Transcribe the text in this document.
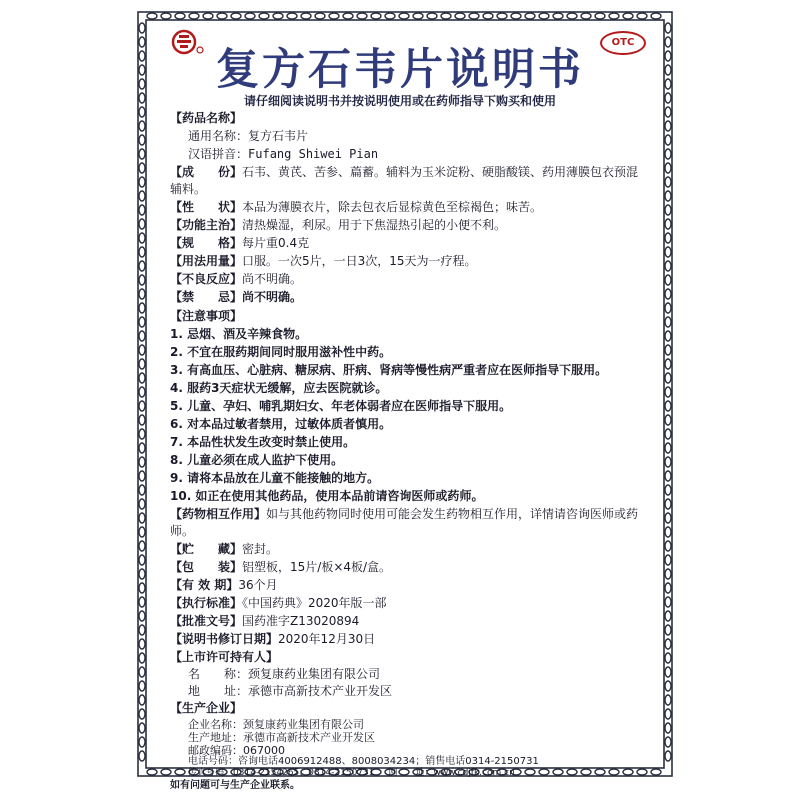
OTC
复方石韦片说明书
请仔细阅读说明书并按说明使用或在药师指导下购买和使用
【药品名称】
通用名称：复方石韦片
汉语拼音：Fufang Shiwei Pian
【成　　份】石韦、黄芪、苦参、萹蓄。辅料为玉米淀粉、硬脂酸镁、药用薄膜包衣预混辅料。
【性　　状】本品为薄膜衣片，除去包衣后显棕黄色至棕褐色；味苦。
【功能主治】清热燥湿，利尿。用于下焦湿热引起的小便不利。
【规　　格】每片重0.4克
【用法用量】口服。一次5片，一日3次，15天为一疗程。
【不良反应】尚不明确。
【禁　　忌】尚不明确。
【注意事项】
1. 忌烟、酒及辛辣食物。
2. 不宜在服药期间同时服用滋补性中药。
3. 有高血压、心脏病、糖尿病、肝病、肾病等慢性病严重者应在医师指导下服用。
4. 服药3天症状无缓解，应去医院就诊。
5. 儿童、孕妇、哺乳期妇女、年老体弱者应在医师指导下服用。
6. 对本品过敏者禁用，过敏体质者慎用。
7. 本品性状发生改变时禁止使用。
8. 儿童必须在成人监护下使用。
9. 请将本品放在儿童不能接触的地方。
10. 如正在使用其他药品，使用本品前请咨询医师或药师。
【药物相互作用】如与其他药物同时使用可能会发生药物相互作用，详情请咨询医师或药师。
【贮　　藏】密封。
【包　　装】铝塑板，15片/板×4板/盒。
【有 效 期】36个月
【执行标准】《中国药典》2020年版一部
【批准文号】国药准字Z13020894
【说明书修订日期】2020年12月30日
【上市许可持有人】
名　　称：颈复康药业集团有限公司
地　　址：承德市高新技术产业开发区
【生产企业】
企业名称：颈复康药业集团有限公司
生产地址：承德市高新技术产业开发区
邮政编码：067000
电话号码：咨询电话4006912488、8008034234；销售电话0314-2150731
传真号码：0314-2154265、0314-2150731 网　　址：www.cdjfk.com.cn
如有问题可与生产企业联系。
